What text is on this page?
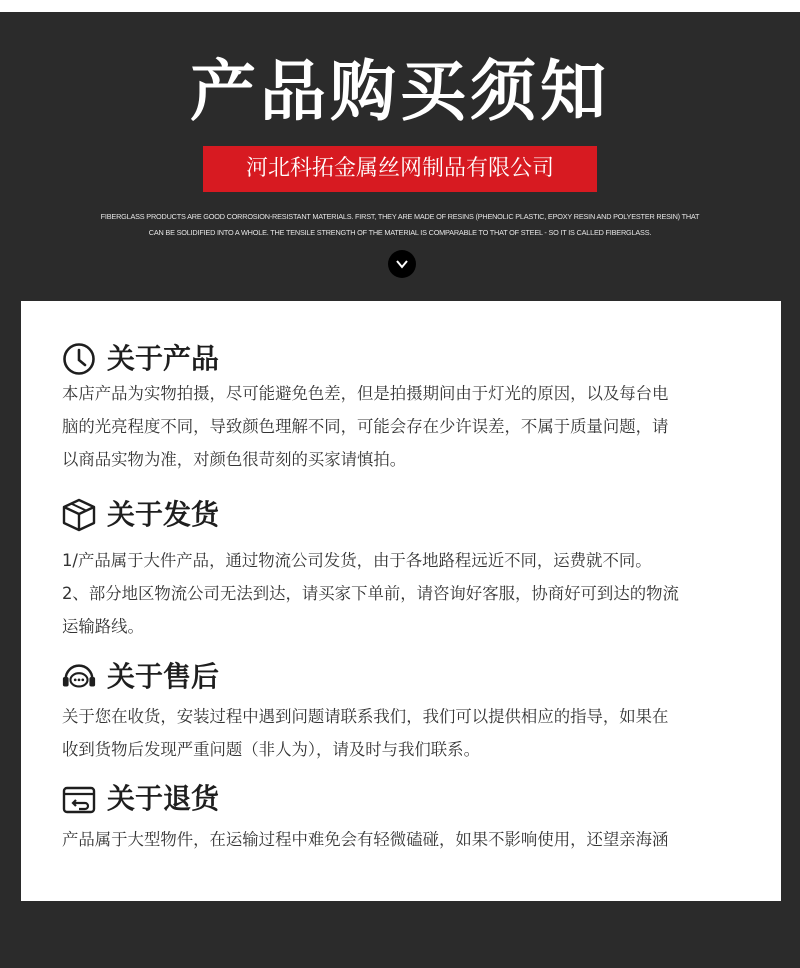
产品购买须知
河北科拓金属丝网制品有限公司
FIBERGLASS PRODUCTS ARE GOOD CORROSION-RESISTANT MATERIALS. FIRST, THEY ARE MADE OF RESINS (PHENOLIC PLASTIC, EPOXY RESIN AND POLYESTER RESIN) THAT
CAN BE SOLIDIFIED INTO A WHOLE. THE TENSILE STRENGTH OF THE MATERIAL IS COMPARABLE TO THAT OF STEEL - SO IT IS CALLED FIBERGLASS.
关于产品

本店产品为实物拍摄，尽可能避免色差，但是拍摄期间由于灯光的原因，以及每台电

脑的光亮程度不同，导致颜色理解不同，可能会存在少许误差，不属于质量问题，请

以商品实物为准，对颜色很苛刻的买家请慎拍。

关于发货

1/产品属于大件产品，通过物流公司发货，由于各地路程远近不同，运费就不同。

2、部分地区物流公司无法到达，请买家下单前，请咨询好客服，协商好可到达的物流

运输路线。

关于售后

关于您在收货，安装过程中遇到问题请联系我们，我们可以提供相应的指导，如果在

收到货物后发现严重问题（非人为），请及时与我们联系。

关于退货

产品属于大型物件，在运输过程中难免会有轻微磕碰，如果不影响使用，还望亲海涵
